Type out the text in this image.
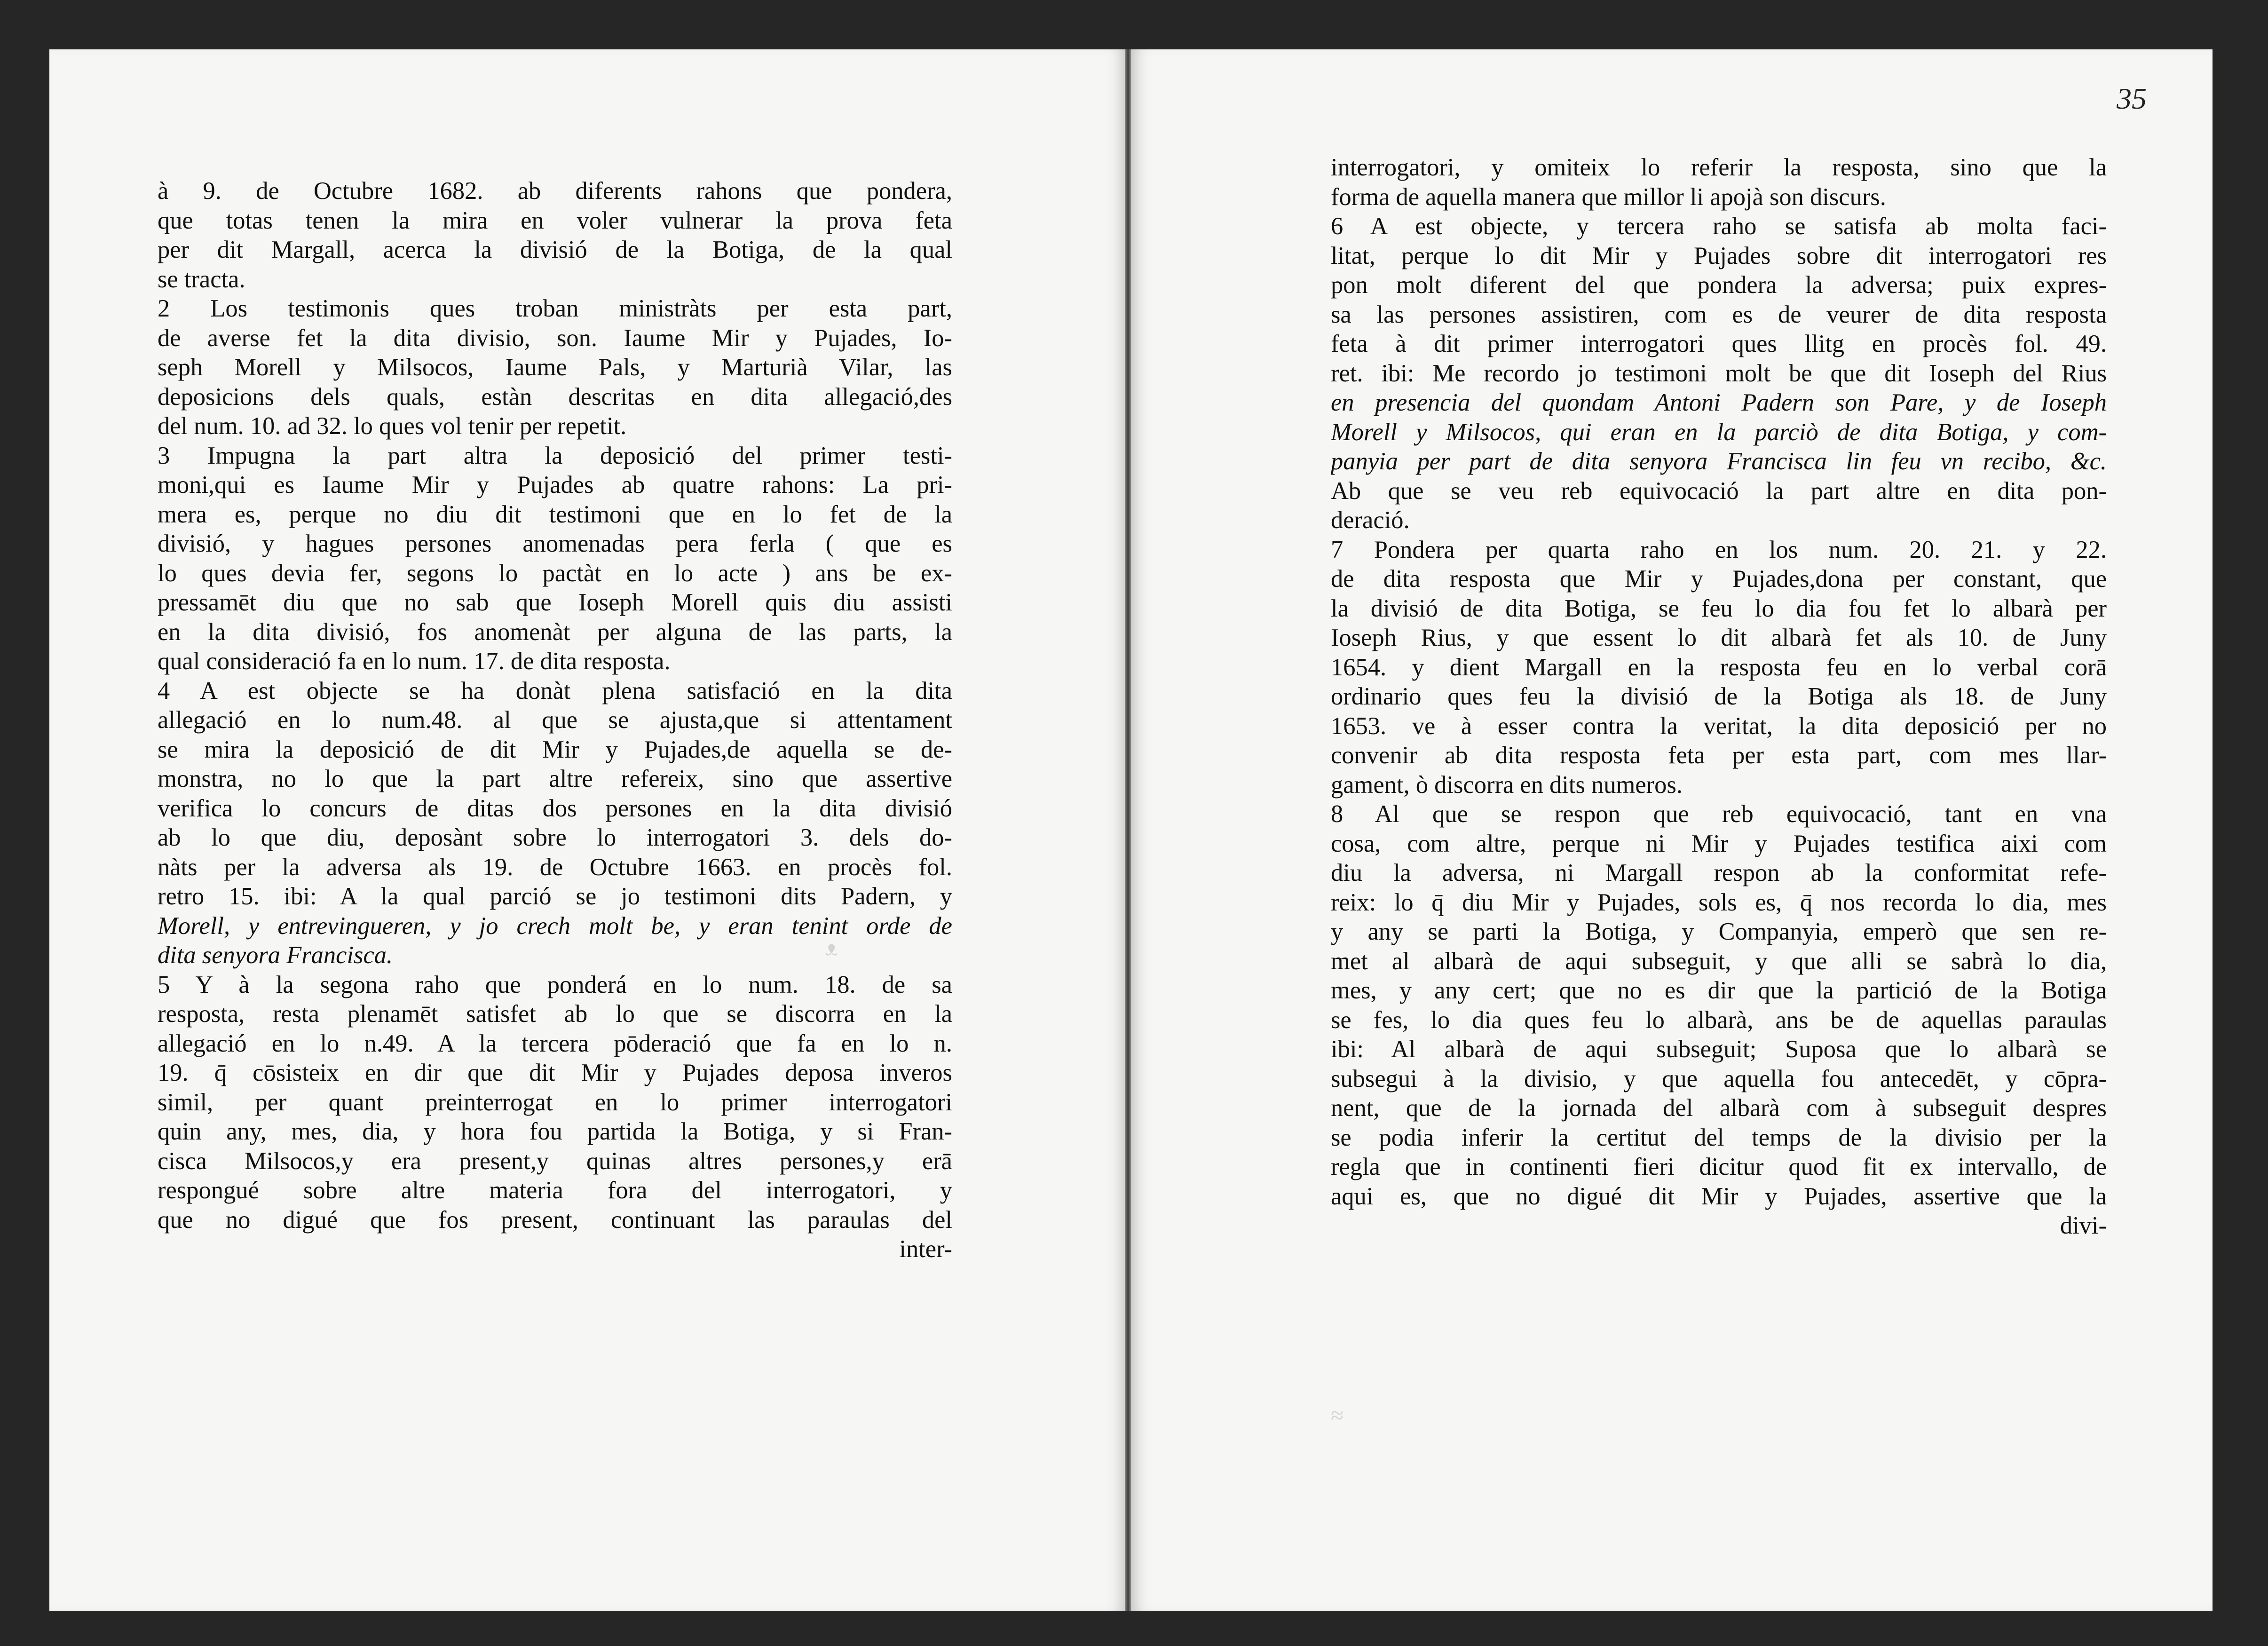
à 9. de Octubre 1682. ab diferents rahons que pondera,
que totas tenen la mira en voler vulnerar la prova feta
per dit Margall, acerca la divisió de la Botiga, de la qual
se tracta.
2 Los testimonis ques troban ministràts per esta part,
de averse fet la dita divisio, son. Iaume Mir y Pujades, Io-
seph Morell y Milsocos, Iaume Pals, y Marturià Vilar, las
deposicions dels quals, estàn descritas en dita allegació,des
del num. 10. ad 32. lo ques vol tenir per repetit.
3 Impugna la part altra la deposició del primer testi-
moni,qui es Iaume Mir y Pujades ab quatre rahons: La pri-
mera es, perque no diu dit testimoni que en lo fet de la
divisió, y hagues persones anomenadas pera ferla ( que es
lo ques devia fer, segons lo pactàt en lo acte ) ans be ex-
pressamēt diu que no sab que Ioseph Morell quis diu assisti
en la dita divisió, fos anomenàt per alguna de las parts, la
qual consideració fa en lo num. 17. de dita resposta.
4 A est objecte se ha donàt plena satisfació en la dita
allegació en lo num.48. al que se ajusta,que si attentament
se mira la deposició de dit Mir y Pujades,de aquella se de-
monstra, no lo que la part altre refereix, sino que assertive
verifica lo concurs de ditas dos persones en la dita divisió
ab lo que diu, deposànt sobre lo interrogatori 3. dels do-
nàts per la adversa als 19. de Octubre 1663. en procès fol.
retro 15. ibi: A la qual parció se jo testimoni dits Padern, y
Morell, y entrevingueren, y jo crech molt be, y eran tenint orde de
dita senyora Francisca.
5 Y à la segona raho que ponderá en lo num. 18. de sa
resposta, resta plenamēt satisfet ab lo que se discorra en la
allegació en lo n.49. A la tercera pōderació que fa en lo n.
19. q̄ cōsisteix en dir que dit Mir y Pujades deposa inveros
simil, per quant preinterrogat en lo primer interrogatori
quin any, mes, dia, y hora fou partida la Botiga, y si Fran-
cisca Milsocos,y era present,y quinas altres persones,y erā
respongué sobre altre materia fora del interrogatori, y
que no digué que fos present, continuant las paraulas del
inter-
ᴥ
35
interrogatori, y omiteix lo referir la resposta, sino que la
forma de aquella manera que millor li apojà son discurs.
6 A est objecte, y tercera raho se satisfa ab molta faci-
litat, perque lo dit Mir y Pujades sobre dit interrogatori res
pon molt diferent del que pondera la adversa; puix expres-
sa las persones assistiren, com es de veurer de dita resposta
feta à dit primer interrogatori ques llitg en procès fol. 49.
ret. ibi: Me recordo jo testimoni molt be que dit Ioseph del Rius
en presencia del quondam Antoni Padern son Pare, y de Ioseph
Morell y Milsocos, qui eran en la parciò de dita Botiga, y com-
panyia per part de dita senyora Francisca lin feu vn recibo, &c.
Ab que se veu reb equivocació la part altre en dita pon-
deració.
7 Pondera per quarta raho en los num. 20. 21. y 22.
de dita resposta que Mir y Pujades,dona per constant, que
la divisió de dita Botiga, se feu lo dia fou fet lo albarà per
Ioseph Rius, y que essent lo dit albarà fet als 10. de Juny
1654. y dient Margall en la resposta feu en lo verbal corā
ordinario ques feu la divisió de la Botiga als 18. de Juny
1653. ve à esser contra la veritat, la dita deposició per no
convenir ab dita resposta feta per esta part, com mes llar-
gament, ò discorra en dits numeros.
8 Al que se respon que reb equivocació, tant en vna
cosa, com altre, perque ni Mir y Pujades testifica aixi com
diu la adversa, ni Margall respon ab la conformitat refe-
reix: lo q̄ diu Mir y Pujades, sols es, q̄ nos recorda lo dia, mes
y any se parti la Botiga, y Companyia, emperò que sen re-
met al albarà de aqui subseguit, y que alli se sabrà lo dia,
mes, y any cert; que no es dir que la partició de la Botiga
se fes, lo dia ques feu lo albarà, ans be de aquellas paraulas
ibi: Al albarà de aqui subseguit; Suposa que lo albarà se
subsegui à la divisio, y que aquella fou antecedēt, y cōpra-
nent, que de la jornada del albarà com à subseguit despres
se podia inferir la certitut del temps de la divisio per la
regla que in continenti fieri dicitur quod fit ex intervallo, de
aqui es, que no digué dit Mir y Pujades, assertive que la
divi-
≈
